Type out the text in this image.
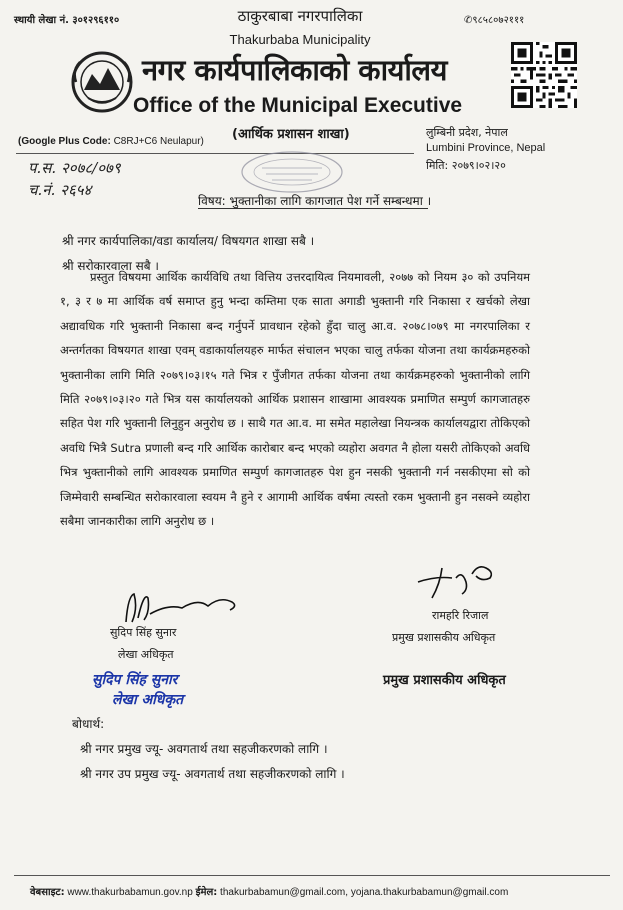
स्थायी लेखा नं. ३०१२९६११०	✆९८५८०७२१११
ठाकुरबाबा नगरपालिका
Thakurbaba Municipality
नगर कार्यपालिकाको कार्यालय
Office of the Municipal Executive
(Google Plus Code: C8RJ+C6 Neulapur) (आर्थिक प्रशासन शाखा)	लुम्बिनी प्रदेश, नेपाल
Lumbini Province, Nepal
मिति: २०७९।०२।२०
प.स. २०७८/०७९
च.नं. २६५४
विषय: भुक्तानीका लागि कागजात पेश गर्ने सम्बन्धमा ।
श्री नगर कार्यपालिका/वडा कार्यालय/ विषयगत शाखा सबै ।
श्री सरोकारवाला सबै ।

प्रस्तुत विषयमा आर्थिक कार्यविधि तथा वित्तिय उत्तरदायित्व नियमावली, २०७७ को नियम ३० को उपनियम १, ३ र ७ मा आर्थिक वर्ष समाप्त हुनु भन्दा कम्तिमा एक साता अगाडी भुक्तानी गरि निकासा र खर्चको लेखा अद्यावधिक गरि भुक्तानी निकासा बन्द गर्नुपर्ने प्रावधान रहेको हुँदा चालु आ.व. २०७८।०७९ मा नगरपालिका र अन्तर्गतका विषयगत शाखा एवम् वडाकार्यालयहरु मार्फत संचालन भएका चालु तर्फका योजना तथा कार्यक्रमहरुको भुक्तानीका लागि मिति २०७९।०३।१५ गते भित्र र पुँजीगत तर्फका योजना तथा कार्यक्रमहरुको भुक्तानीको लागि मिति २०७९।०३।२० गते भित्र यस कार्यालयको आर्थिक प्रशासन शाखामा आवश्यक प्रमाणित सम्पुर्ण कागजातहरु सहित पेश गरि भुक्तानी लिनुहुन अनुरोध छ । साथै गत आ.व. मा समेत महालेखा नियन्त्रक कार्यालयद्वारा तोकिएको अवधि भित्रै Sutra प्रणाली बन्द गरि आर्थिक कारोबार बन्द भएको व्यहोरा अवगत नै होला यसरी तोकिएको अवधि भित्र भुक्तानीको लागि आवश्यक प्रमाणित सम्पुर्ण कागजातहरु पेश हुन नसकी भुक्तानी गर्न नसकीएमा सो को जिम्मेवारी सम्बन्धित सरोकारवाला स्वयम नै हुने र आगामी आर्थिक वर्षमा त्यस्तो रकम भुक्तानी हुन नसक्ने व्यहोरा सबैमा जानकारीका लागि अनुरोध छ ।

सुदिप सिंह सुनार
लेखा अधिकृत
सुदिप सिंह सुनार
लेखा अधिकृत
रामहरि रिजाल
प्रमुख प्रशासकीय अधिकृत
प्रमुख प्रशासकीय अधिकृत
बोधार्थ:
श्री नगर प्रमुख ज्यू- अवगतार्थ तथा सहजीकरणको लागि ।
श्री नगर उप प्रमुख ज्यू- अवगतार्थ तथा सहजीकरणको लागि ।
वेबसाइट: www.thakurbabamun.gov.np ईमेल: thakurbabamun@gmail.com, yojana.thakurbabamun@gmail.com
